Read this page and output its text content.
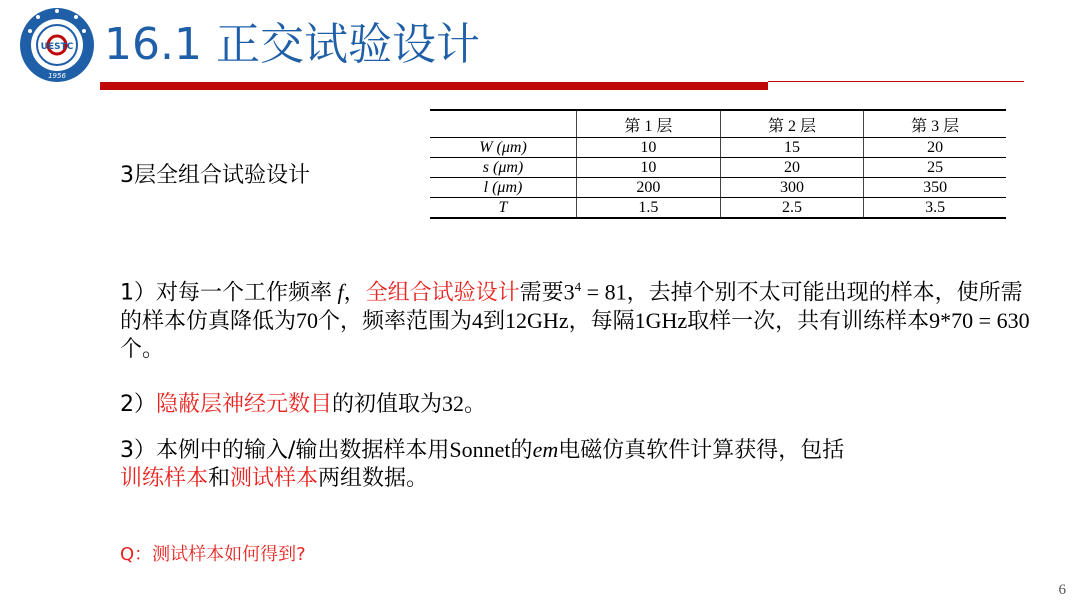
UESTC
1956
16.1 正交试验设计
3层全组合试验设计
	第 1 层	第 2 层	第 3 层
W (μm)	10	15	20
s (μm)	10	20	25
l (μm)	200	300	350
T	1.5	2.5	3.5
1）对每一个工作频率 f，全组合试验设计需要$3^4 = 81$，去掉个别不太可能出现的样本，使所需的样本仿真降低为70个，频率范围为4到12GHz，每隔1GHz取样一次，共有训练样本9*70 = 630个。
2）隐蔽层神经元数目的初值取为32。
3）本例中的输入/输出数据样本用Sonnet的em电磁仿真软件计算获得，包括
训练样本和测试样本两组数据。
Q：测试样本如何得到?
6
